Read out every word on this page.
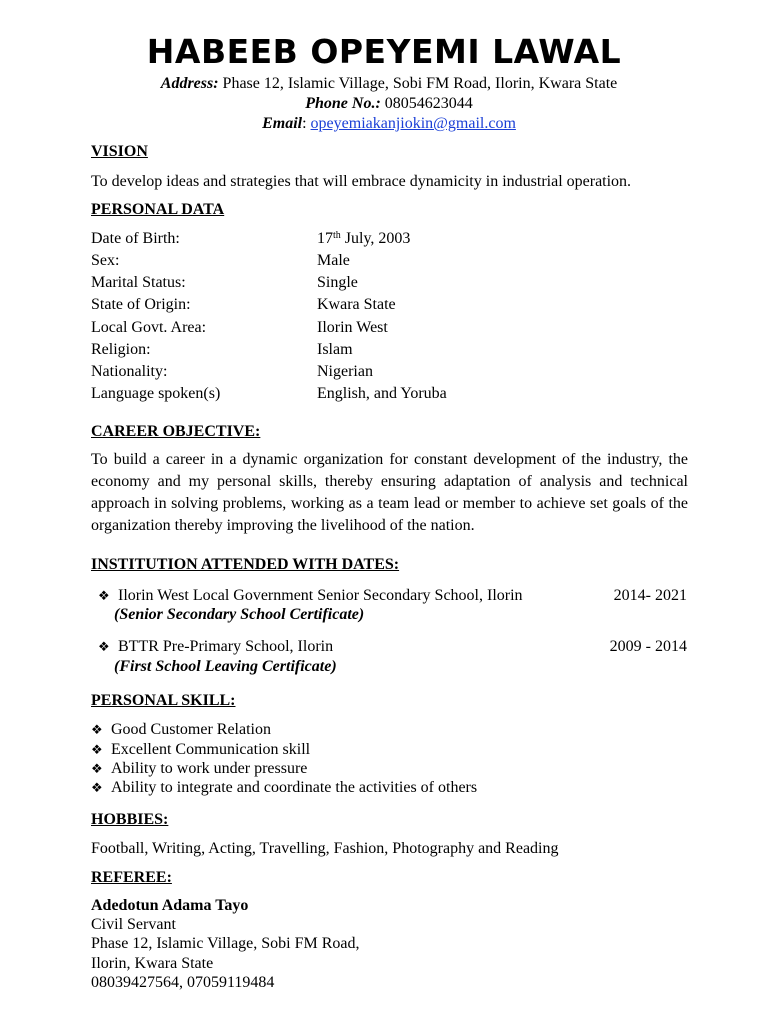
HABEEB OPEYEMI LAWAL
Address: Phase 12, Islamic Village, Sobi FM Road, Ilorin, Kwara State
Phone No.: 08054623044
Email: opeyemiakanjiokin@gmail.com
VISION
To develop ideas and strategies that will embrace dynamicity in industrial operation.
PERSONAL DATA
Date of Birth:	17th July, 2003
Sex:	Male
Marital Status:	Single
State of Origin:	Kwara State
Local Govt. Area:	Ilorin West
Religion:	Islam
Nationality:	Nigerian
Language spoken(s)	English, and Yoruba
CAREER OBJECTIVE:
To build a career in a dynamic organization for constant development of the industry, the economy and my personal skills, thereby ensuring adaptation of analysis and technical approach in solving problems, working as a team lead or member to achieve set goals of the organization thereby improving the livelihood of the nation.
INSTITUTION ATTENDED WITH DATES:
❖ Ilorin West Local Government Senior Secondary School, Ilorin	2014- 2021
(Senior Secondary School Certificate)
❖ BTTR Pre-Primary School, Ilorin	2009 - 2014
(First School Leaving Certificate)
PERSONAL SKILL:
❖ Good Customer Relation
❖ Excellent Communication skill
❖ Ability to work under pressure
❖ Ability to integrate and coordinate the activities of others
HOBBIES:
Football, Writing, Acting, Travelling, Fashion, Photography and Reading
REFEREE:
Adedotun Adama Tayo
Civil Servant
Phase 12, Islamic Village, Sobi FM Road,
Ilorin, Kwara State
08039427564, 07059119484
